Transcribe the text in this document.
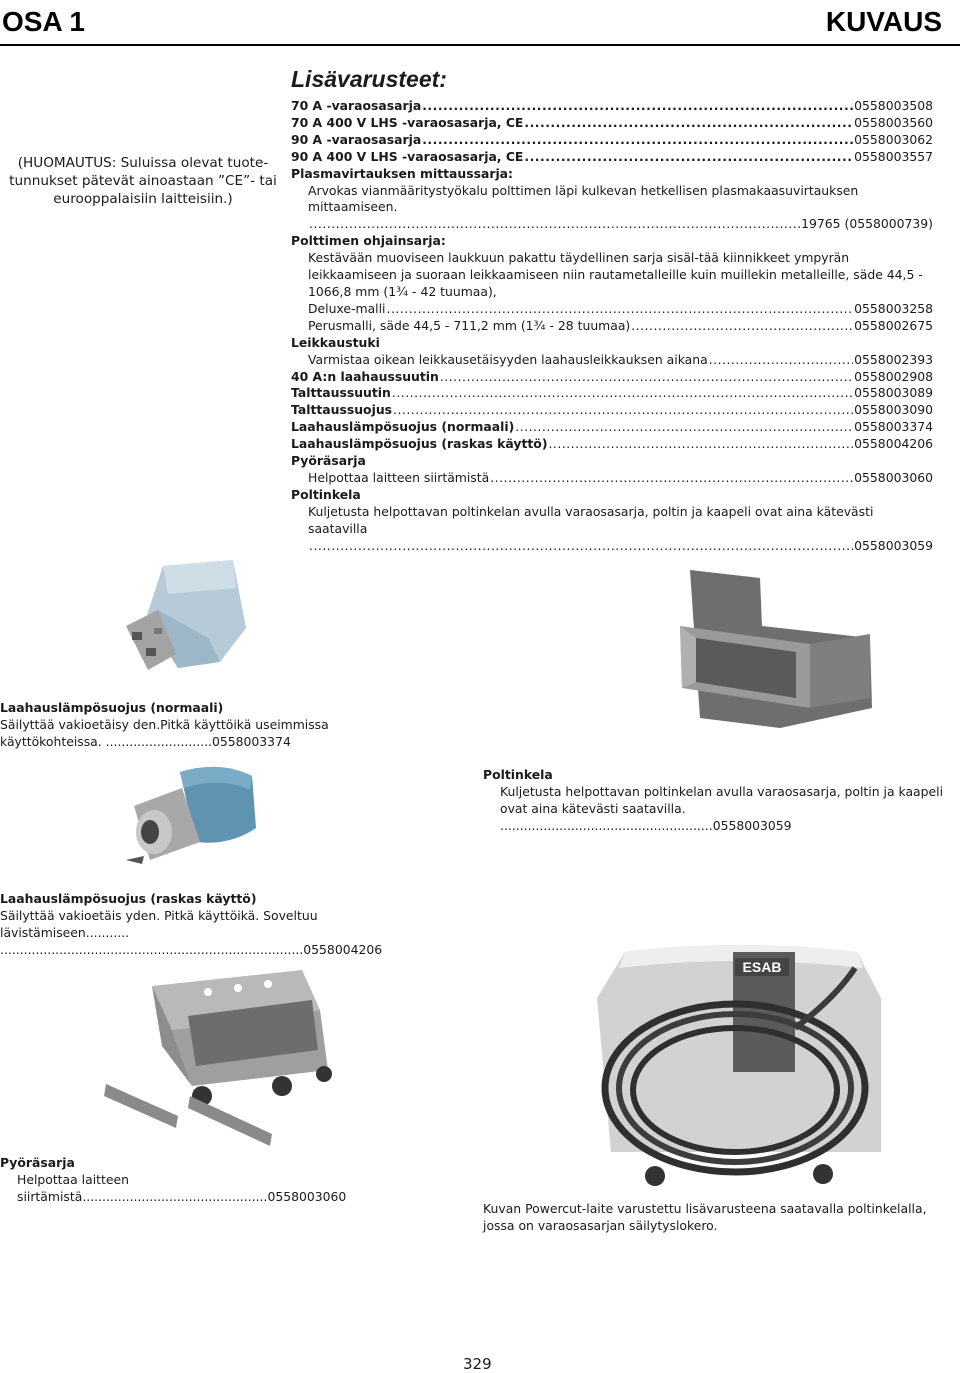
OSA 1	KUVAUS
(HUOMAUTUS: Suluissa olevat tuote-tunnukset pätevät ainoastaan ”CE”- tai eurooppalaisiin laitteisiin.)
Lisävarusteet:
70 A -varaosasarja .....	0558003508
70 A 400 V LHS -varaosasarja, CE .....	0558003560
90 A -varaosasarja .....	0558003062
90 A 400 V LHS -varaosasarja, CE .....	0558003557
Plasmavirtauksen mittaussarja:
Arvokas vianmääritystyökalu polttimen läpi kulkevan hetkellisen plasmakaasuvirtauksen mittaamiseen.
.....
19765 (0558000739)
Polttimen ohjainsarja:
Kestävään muoviseen laukkuun pakattu täydellinen sarja sisäl-tää kiinnikkeet ympyrän leikkaamiseen ja suoraan leikkaamiseen niin rautametalleille kuin muillekin metalleille, säde 44,5 - 1066,8 mm (1¾ - 42 tuumaa),
Deluxe-malli .....	0558003258
Perusmalli, säde 44,5 - 711,2 mm (1¾ - 28 tuumaa) .....	0558002675
Leikkaustuki
Varmistaa oikean leikkausetäisyyden laahausleikkauksen aikana .....	0558002393
40 A:n laahaussuutin .....	0558002908
Talttaussuutin .....	0558003089
Talttaussuojus .....	0558003090
Laahauslämpösuojus (normaali) .....	0558003374
Laahauslämpösuojus (raskas käyttö) .....	0558004206
Pyöräsarja
Helpottaa laitteen siirtämistä .....	0558003060
Poltinkela
Kuljetusta helpottavan poltinkelan avulla varaosasarja, poltin ja kaapeli ovat aina kätevästi saatavilla
.....
0558003059
Laahauslämpösuojus (normaali)
Säilyttää vakioetäisy den.Pitkä käyttöikä useimmissa
käyttökohteissa. ...........................0558003374
Poltinkela
Kuljetusta helpottavan poltinkelan avulla varaosasarja, poltin ja kaapeli
ovat aina kätevästi saatavilla. ......................................................0558003059
Laahauslämpösuojus (raskas käyttö)
Säilyttää vakioetäis yden. Pitkä käyttöikä. Soveltuu lävistämiseen...........
.............................................................................0558004206
ESAB
Pyöräsarja
Helpottaa laitteen siirtämistä...............................................0558003060
Kuvan Powercut-laite varustettu lisävarusteena saatavalla poltinkelalla, jossa on varaosasarjan säilytyslokero.
329
